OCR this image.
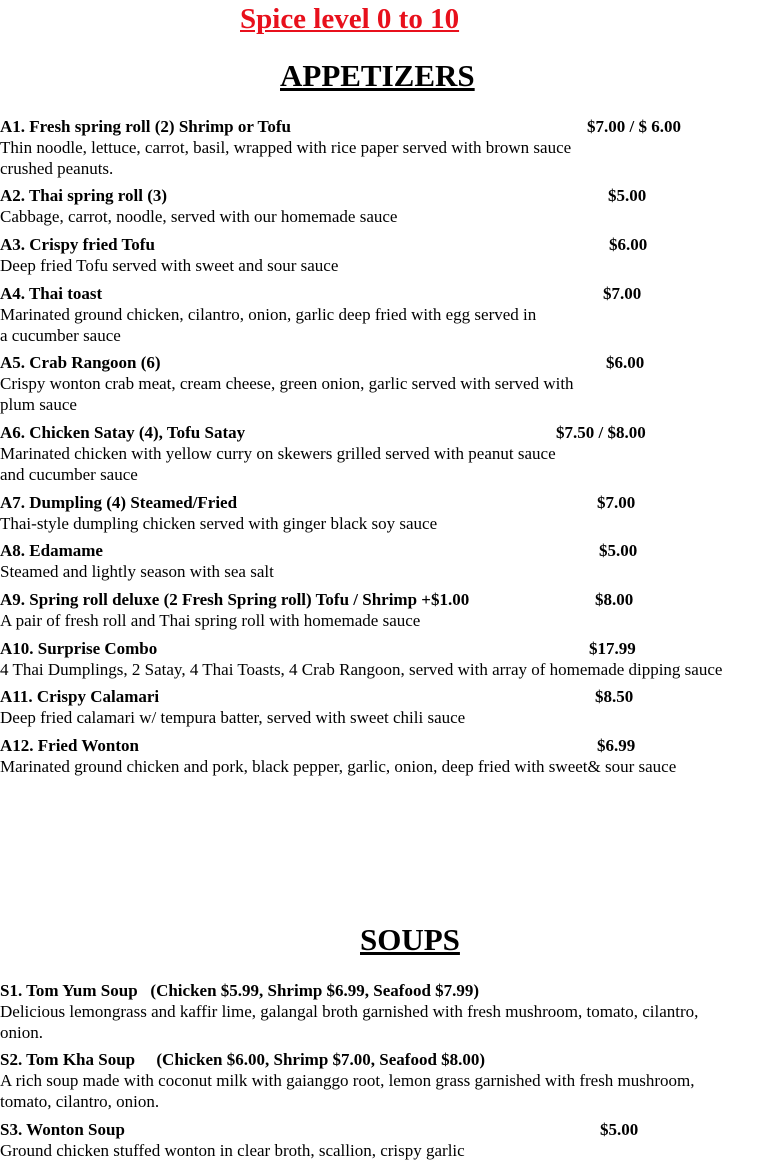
Spice level 0 to 10
APPETIZERS
A1. Fresh spring roll (2) Shrimp or Tofu	$7.00 / $ 6.00

Thin noodle, lettuce, carrot, basil, wrapped with rice paper served with brown sauce

crushed peanuts.

A2. Thai spring roll (3)	$5.00

Cabbage, carrot, noodle, served with our homemade sauce

A3. Crispy fried Tofu	$6.00

Deep fried Tofu served with sweet and sour sauce

A4. Thai toast	$7.00

Marinated ground chicken, cilantro, onion, garlic deep fried with egg served in

a cucumber sauce

A5. Crab Rangoon (6)	$6.00

Crispy wonton crab meat, cream cheese, green onion, garlic served with served with

plum sauce

A6. Chicken Satay (4), Tofu Satay	$7.50 / $8.00

Marinated chicken with yellow curry on skewers grilled served with peanut sauce

and cucumber sauce

A7. Dumpling (4) Steamed/Fried	$7.00

Thai-style dumpling chicken served with ginger black soy sauce

A8. Edamame	$5.00

Steamed and lightly season with sea salt

A9. Spring roll deluxe (2 Fresh Spring roll) Tofu / Shrimp +$1.00	$8.00

A pair of fresh roll and Thai spring roll with homemade sauce

A10. Surprise Combo	$17.99

4 Thai Dumplings, 2 Satay, 4 Thai Toasts, 4 Crab Rangoon, served with array of homemade dipping sauce

A11. Crispy Calamari	$8.50

Deep fried calamari w/ tempura batter, served with sweet chili sauce

A12. Fried Wonton	$6.99

Marinated ground chicken and pork, black pepper, garlic, onion, deep fried with sweet& sour sauce

SOUPS
S1. Tom Yum Soup   (Chicken $5.99, Shrimp $6.99, Seafood $7.99)

Delicious lemongrass and kaffir lime, galangal broth garnished with fresh mushroom, tomato, cilantro,

onion.

S2. Tom Kha Soup     (Chicken $6.00, Shrimp $7.00, Seafood $8.00)

A rich soup made with coconut milk with gaianggo root, lemon grass garnished with fresh mushroom,

tomato, cilantro, onion.

S3. Wonton Soup	$5.00

Ground chicken stuffed wonton in clear broth, scallion, crispy garlic
